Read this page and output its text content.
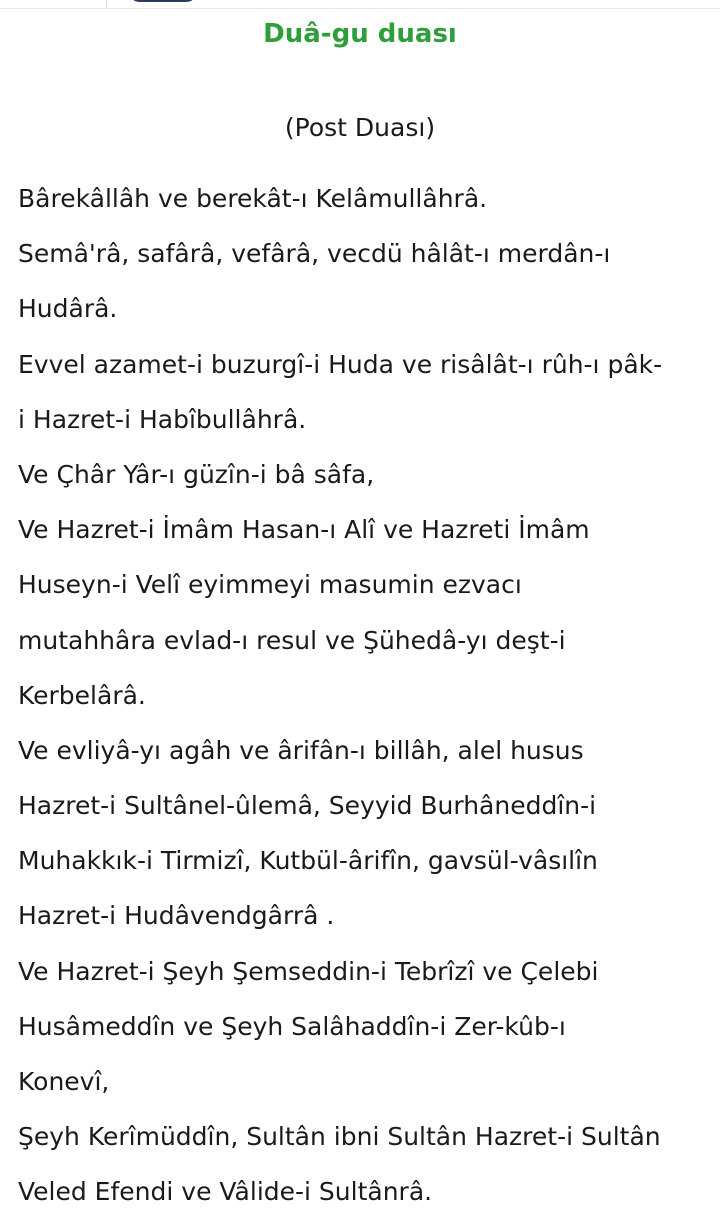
Duâ-gu duası
(Post Duası)
Bârekâllâh ve berekât-ı Kelâmullâhrâ.
Semâ'râ, safârâ, vefârâ, vecdü hâlât-ı merdân-ı
Hudârâ.
Evvel azamet-i buzurgî-i Huda ve risâlât-ı rûh-ı pâk-
i Hazret-i Habîbullâhrâ.
Ve Çhâr Yâr-ı güzîn-i bâ sâfa,
Ve Hazret-i İmâm Hasan-ı Alî ve Hazreti İmâm
Huseyn-i Velî eyimmeyi masumin ezvacı
mutahhâra evlad-ı resul ve Şühedâ-yı deşt-i
Kerbelârâ.
Ve evliyâ-yı agâh ve ârifân-ı billâh, alel husus
Hazret-i Sultânel-ûlemâ, Seyyid Burhâneddîn-i
Muhakkık-i Tirmizî, Kutbül-ârifîn, gavsül-vâsılîn
Hazret-i Hudâvendgârrâ .
Ve Hazret-i Şeyh Şemseddin-i Tebrîzî ve Çelebi
Husâmeddîn ve Şeyh Salâhaddîn-i Zer-kûb-ı
Konevî,
Şeyh Kerîmüddîn, Sultân ibni Sultân Hazret-i Sultân
Veled Efendi ve Vâlide-i Sultânrâ.
